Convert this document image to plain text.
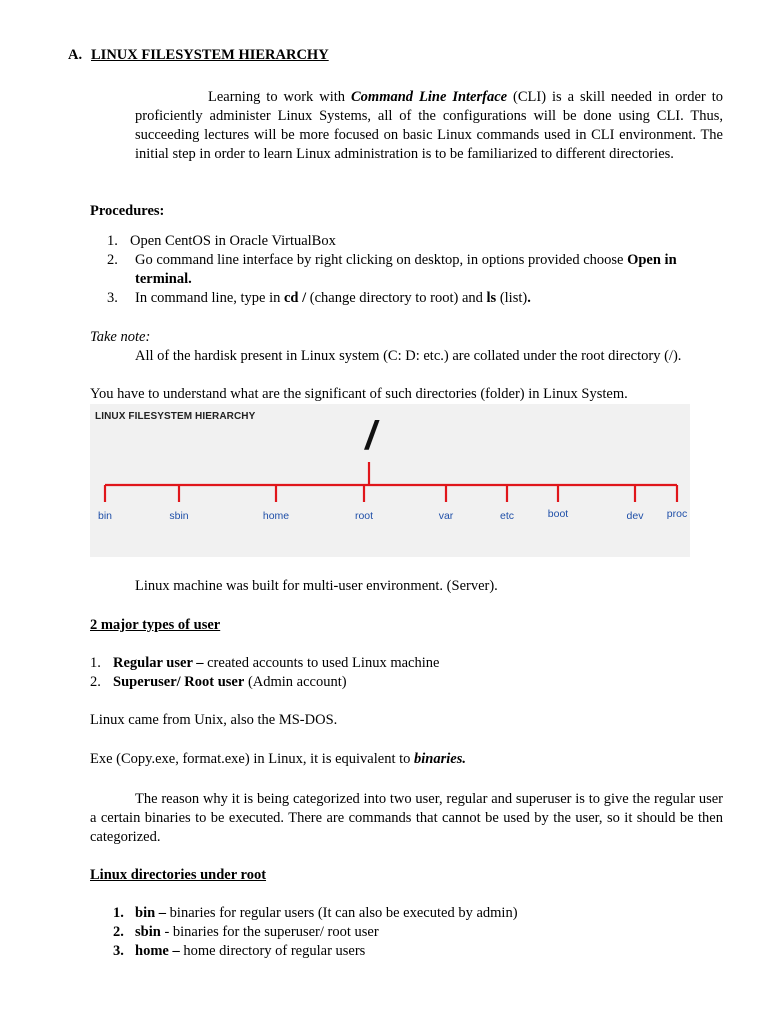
A. LINUX FILESYSTEM HIERARCHY
Learning to work with Command Line Interface (CLI) is a skill needed in order to proficiently administer Linux Systems, all of the configurations will be done using CLI. Thus, succeeding lectures will be more focused on basic Linux commands used in CLI environment. The initial step in order to learn Linux administration is to be familiarized to different directories.
Procedures:
1. Open CentOS in Oracle VirtualBox
2. Go command line interface by right clicking on desktop, in options provided choose Open in
terminal.
3. In command line, type in cd / (change directory to root) and ls (list).
Take note:
All of the hardisk present in Linux system (C: D: etc.) are collated under the root directory (/).
You have to understand what are the significant of such directories (folder) in Linux System.
LINUX FILESYSTEM HIERARCHY	/
bin	sbin	home	root	var	etc	boot	dev proc
Linux machine was built for multi-user environment. (Server).
2 major types of user
1. Regular user – created accounts to used Linux machine
2. Superuser/ Root user (Admin account)
Linux came from Unix, also the MS-DOS.
Exe (Copy.exe, format.exe) in Linux, it is equivalent to binaries.
The reason why it is being categorized into two user, regular and superuser is to give the regular user a certain binaries to be executed. There are commands that cannot be used by the user, so it should be then categorized.
Linux directories under root
1. bin – binaries for regular users (It can also be executed by admin)
2. sbin - binaries for the superuser/ root user
3. home – home directory of regular users
